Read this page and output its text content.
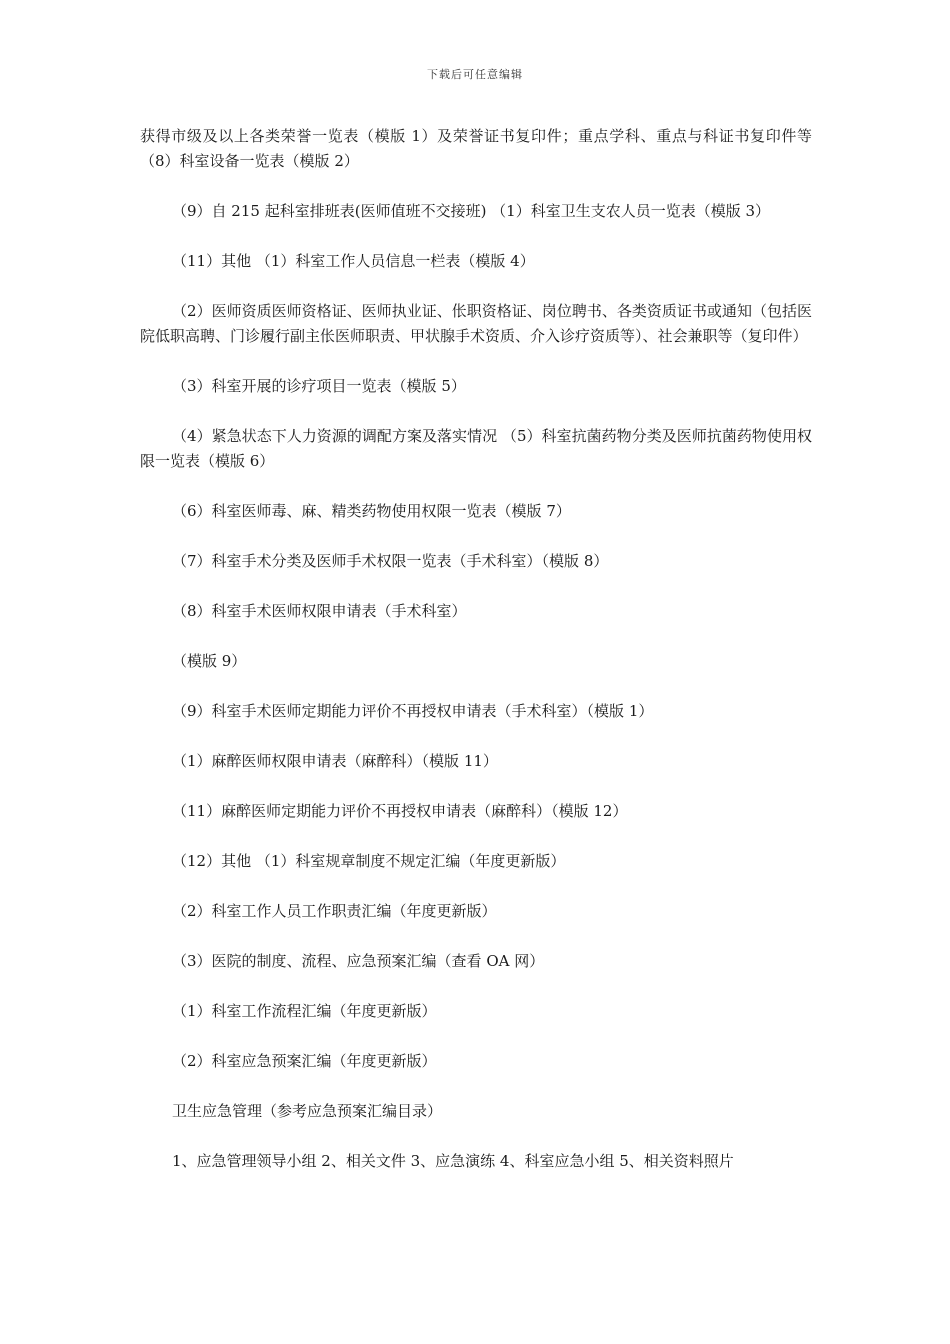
下载后可任意编辑

获得市级及以上各类荣誉一览表（模版 1）及荣誉证书复印件；重点学科、重点与科证书复印件等 （8）科室设备一览表（模版 2）

（9）自 215 起科室排班表(医师值班不交接班) （1）科室卫生支农人员一览表（模版 3）

（11）其他 （1）科室工作人员信息一栏表（模版 4）

（2）医师资质医师资格证、医师执业证、伥职资格证、岗位聘书、各类资质证书或通知（包括医院低职高聘、门诊履行副主伥医师职责、甲状腺手术资质、介入诊疗资质等）、社会兼职等（复印件）

（3）科室开展的诊疗项目一览表（模版 5）

（4）紧急状态下人力资源的调配方案及落实情况 （5）科室抗菌药物分类及医师抗菌药物使用权限一览表（模版 6）

（6）科室医师毒、麻、精类药物使用权限一览表（模版 7）

（7）科室手术分类及医师手术权限一览表（手术科室）（模版 8）

（8）科室手术医师权限申请表（手术科室）

（模版 9）

（9）科室手术医师定期能力评价不再授权申请表（手术科室）（模版 1）

（1）麻醉医师权限申请表（麻醉科）（模版 11）

（11）麻醉医师定期能力评价不再授权申请表（麻醉科）（模版 12）

（12）其他 （1）科室规章制度不规定汇编（年度更新版）

（2）科室工作人员工作职责汇编（年度更新版）

（3）医院的制度、流程、应急预案汇编（查看 OA 网）

（1）科室工作流程汇编（年度更新版）

（2）科室应急预案汇编（年度更新版）

卫生应急管理（参考应急预案汇编目录）

1、应急管理领导小组 2、相关文件 3、应急演练 4、科室应急小组 5、相关资料照片
